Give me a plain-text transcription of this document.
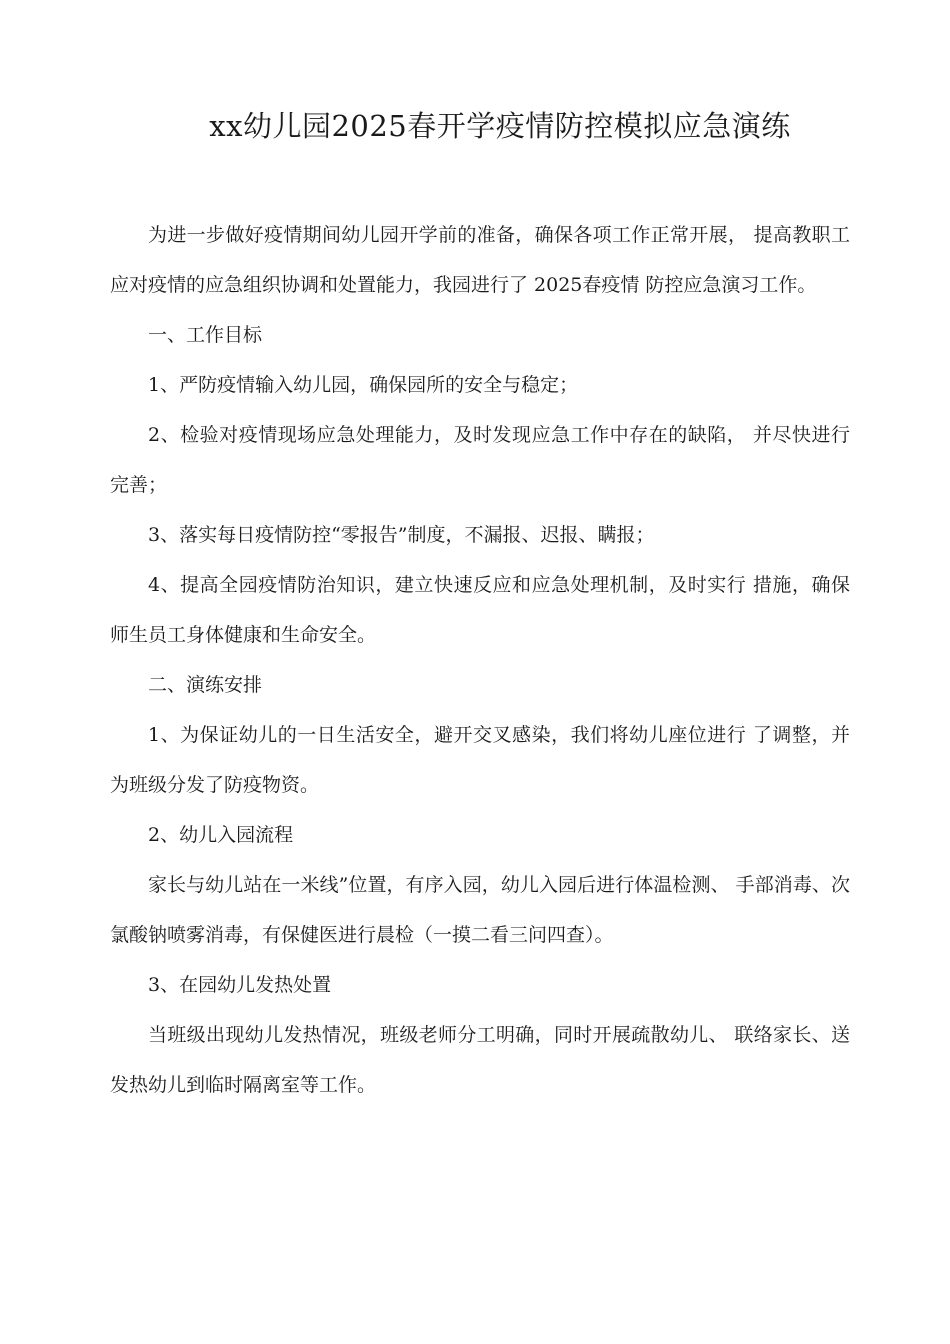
xx幼儿园2025春开学疫情防控模拟应急演练

为进一步做好疫情期间幼儿园开学前的准备，确保各项工作正常开展， 提高教职工应对疫情的应急组织协调和处置能力，我园进行了 2025春疫情 防控应急演习工作。

一、工作目标

1、严防疫情输入幼儿园，确保园所的安全与稳定；

2、检验对疫情现场应急处理能力，及时发现应急工作中存在的缺陷， 并尽快进行完善；

3、落实每日疫情防控“零报告”制度，不漏报、迟报、瞒报；

4、提高全园疫情防治知识，建立快速反应和应急处理机制，及时实行 措施，确保师生员工身体健康和生命安全。

二、演练安排

1、为保证幼儿的一日生活安全，避开交叉感染，我们将幼儿座位进行 了调整，并为班级分发了防疫物资。

2、幼儿入园流程

家长与幼儿站在一米线”位置，有序入园，幼儿入园后进行体温检测、 手部消毒、次氯酸钠喷雾消毒，有保健医进行晨检（一摸二看三问四查）。

3、在园幼儿发热处置

当班级出现幼儿发热情况，班级老师分工明确，同时开展疏散幼儿、 联络家长、送发热幼儿到临时隔离室等工作。
